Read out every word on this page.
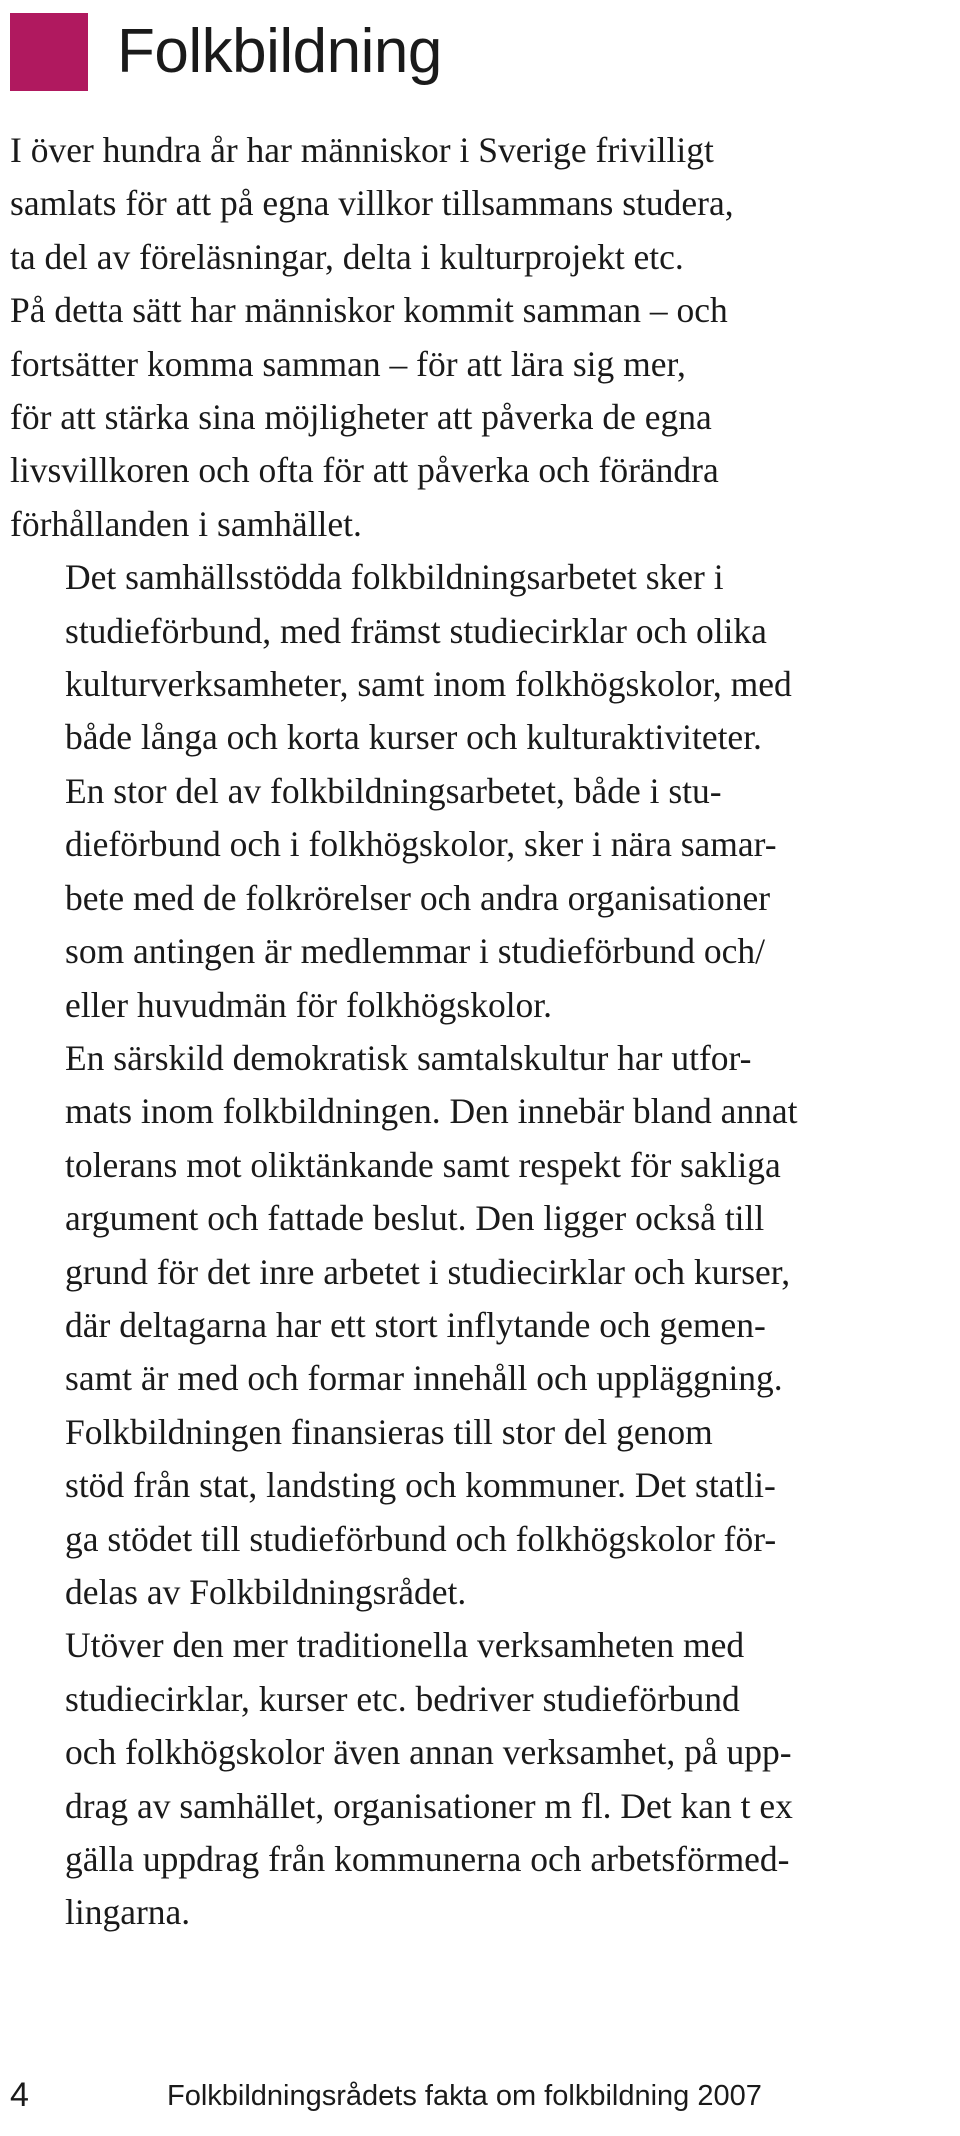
Folkbildning

I över hundra år har människor i Sverige frivilligt
samlats för att på egna villkor tillsammans studera,
ta del av föreläsningar, delta i kulturprojekt etc.
På detta sätt har människor kommit samman – och
fortsätter komma samman – för att lära sig mer,
för att stärka sina möjligheter att påverka de egna
livsvillkoren och ofta för att påverka och förändra
förhållanden i samhället.

Det samhällsstödda folkbildningsarbetet sker i
studieförbund, med främst studiecirklar och olika
kulturverksamheter, samt inom folkhögskolor, med
både långa och korta kurser och kulturaktiviteter.

En stor del av folkbildningsarbetet, både i stu-
dieförbund och i folkhögskolor, sker i nära samar-
bete med de folkrörelser och andra organisationer
som antingen är medlemmar i studieförbund och/
eller huvudmän för folkhögskolor.

En särskild demokratisk samtalskultur har utfor-
mats inom folkbildningen. Den innebär bland annat
tolerans mot oliktänkande samt respekt för sakliga
argument och fattade beslut. Den ligger också till
grund för det inre arbetet i studiecirklar och kurser,
där deltagarna har ett stort inflytande och gemen-
samt är med och formar innehåll och uppläggning.

Folkbildningen finansieras till stor del genom
stöd från stat, landsting och kommuner. Det statli-
ga stödet till studieförbund och folkhögskolor för-
delas av Folkbildningsrådet.

Utöver den mer traditionella verksamheten med
studiecirklar, kurser etc. bedriver studieförbund
och folkhögskolor även annan verksamhet, på upp-
drag av samhället, organisationer m fl. Det kan t ex
gälla uppdrag från kommunerna och arbetsförmed-
lingarna.

4	Folkbildningsrådets fakta om folkbildning 2007
